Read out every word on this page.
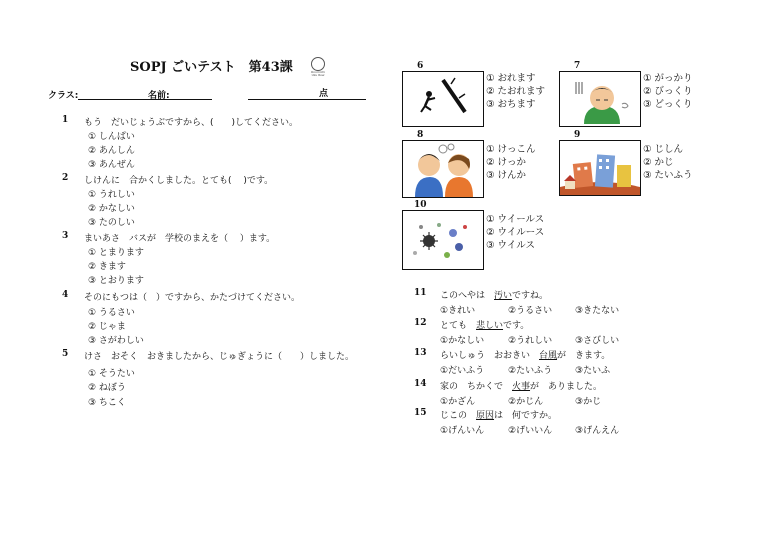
SOPJ ごいテスト　第43課	Onomichi Uzu Row
クラス:	名前:	点
1 もう　だいじょうぶですから、(　　)してください。
① しんぱい
② あんしん
③ あんぜん
2 しけんに　合かくしました。とても(　 )です。
① うれしい
② かなしい
③ たのしい
3 まいあさ　バスが　学校のまえを（　 ）ます。
① とまります
② きます
③ とおります
4 そのにもつは（　）ですから、かたづけてください。
① うるさい
② じゃま
③ さがわしい
5 けさ　おそく　おきましたから、じゅぎょうに（　　）しました。
① そうたい
② ねぼう
③ ちこく
6
① おれます
② たおれます
③ おちます
7
① がっかり
② びっくり
③ どっくり
8
① けっこん
② けっか
③ けんか
9
① じしん
② かじ
③ たいふう
10
① ウイールス
② ウイルース
③ ウイルス
11 このへやは　汚いですね。
①きれい	②うるさい	③きたない
12 とても　悲しいです。
①かなしい	②うれしい	③さびしい
13 らいしゅう　おおきい　台風が　きます。
①だいふう	②たいふう	③たいふ
14 家の　ちかくで　火事が　ありました。
①かざん	②かじん	③かじ
15 じこの　原因は　何ですか。
①げんいん	②げいいん	③げんえん
